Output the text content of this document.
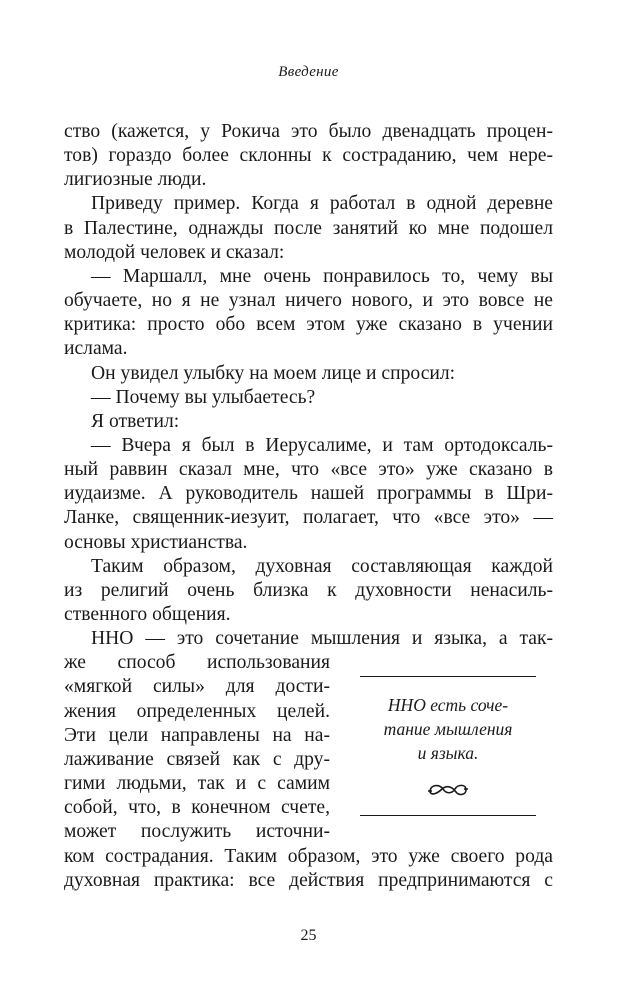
Введение
ство (кажется, у Рокича это было двенадцать процен-
тов) гораздо более склонны к состраданию, чем нере-
лигиозные люди.
Приведу пример. Когда я работал в одной деревне
в Палестине, однажды после занятий ко мне подошел
молодой человек и сказал:
— Маршалл, мне очень понравилось то, чему вы
обучаете, но я не узнал ничего нового, и это вовсе не
критика: просто обо всем этом уже сказано в учении
ислама.
Он увидел улыбку на моем лице и спросил:
— Почему вы улыбаетесь?
Я ответил:
— Вчера я был в Иерусалиме, и там ортодоксаль-
ный раввин сказал мне, что «все это» уже сказано в
иудаизме. А руководитель нашей программы в Шри-
Ланке, священник-иезуит, полагает, что «все это» —
основы христианства.
Таким образом, духовная составляющая каждой
из религий очень близка к духовности ненасиль-
ственного общения.
ННО — это сочетание мышления и языка, а так-
же способ использования
«мягкой силы» для дости-
жения определенных целей.
Эти цели направлены на на-
лаживание связей как с дру-
гими людьми, так и с самим
собой, что, в конечном счете,
может послужить источни-
ком сострадания. Таким образом, это уже своего рода
духовная практика: все действия предпринимаются с
ННО есть соче-
тание мышления
и языка.
25
